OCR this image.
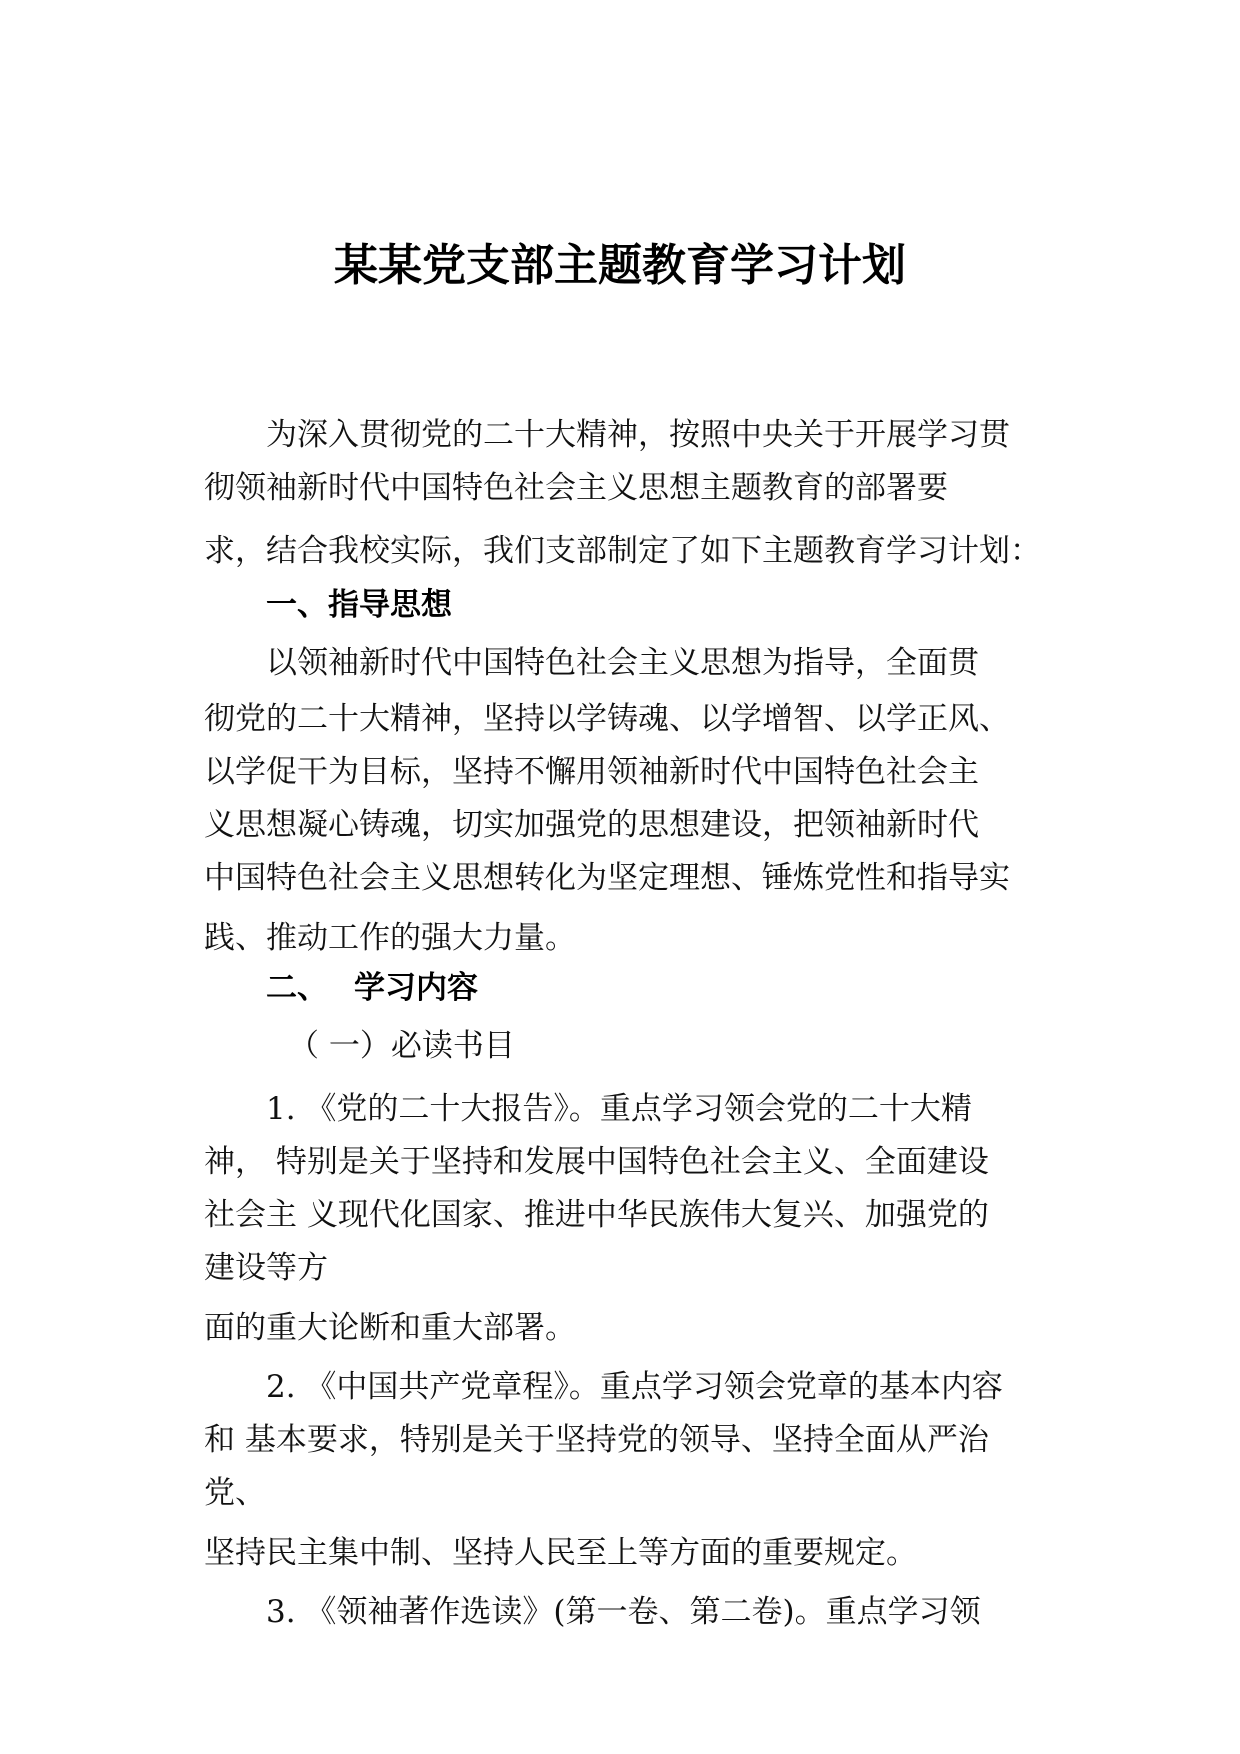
某某党支部主题教育学习计划
为深入贯彻党的二十大精神，按照中央关于开展学习贯
彻领袖新时代中国特色社会主义思想主题教育的部署要
求，结合我校实际，我们支部制定了如下主题教育学习计划：
一、指导思想
以领袖新时代中国特色社会主义思想为指导，全面贯
彻党的二十大精神，坚持以学铸魂、以学增智、以学正风、
以学促干为目标，坚持不懈用领袖新时代中国特色社会主
义思想凝心铸魂，切实加强党的思想建设，把领袖新时代
中国特色社会主义思想转化为坚定理想、锤炼党性和指导实
践、推动工作的强大力量。
二、 学习内容
（ 一）必读书目
1. 《党的二十大报告》。重点学习领会党的二十大精
神， 特别是关于坚持和发展中国特色社会主义、全面建设
社会主 义现代化国家、推进中华民族伟大复兴、加强党的
建设等方
面的重大论断和重大部署。
2. 《中国共产党章程》。重点学习领会党章的基本内容
和 基本要求，特别是关于坚持党的领导、坚持全面从严治
党、
坚持民主集中制、坚持人民至上等方面的重要规定。
3. 《领袖著作选读》(第一卷、第二卷)。重点学习领
